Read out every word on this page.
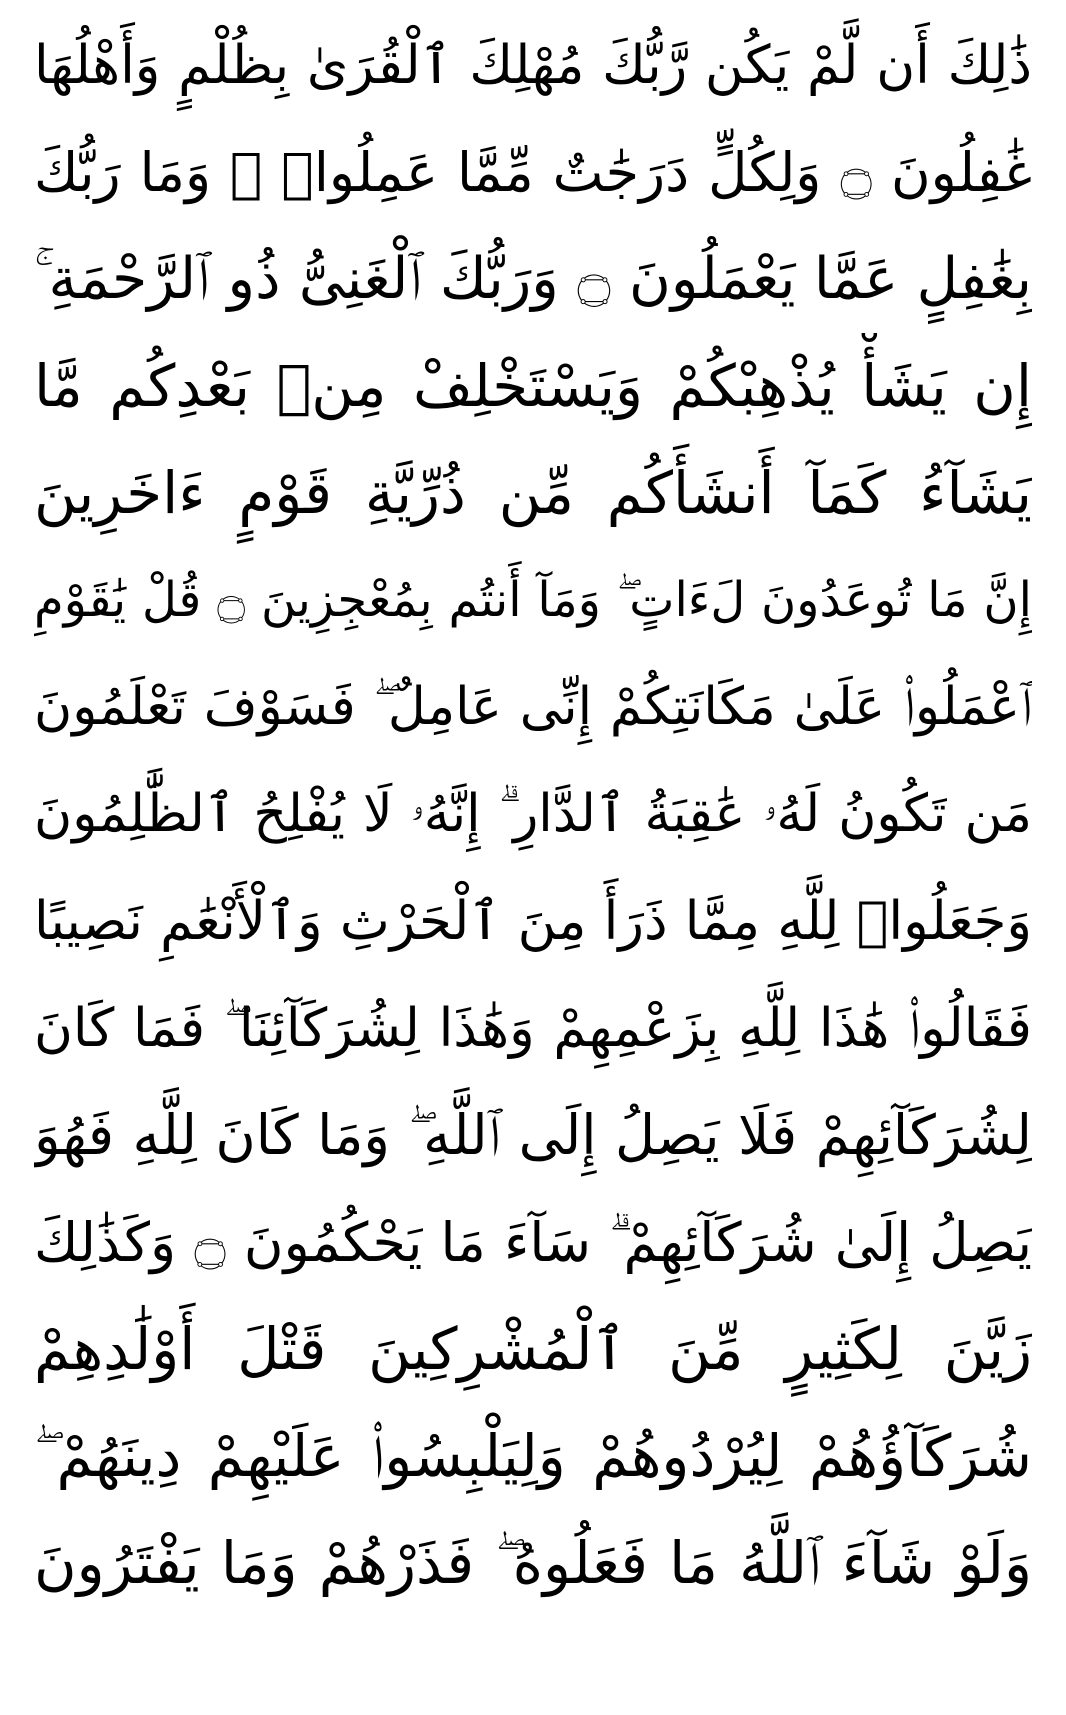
ذَٰلِكَ أَن لَّمْ يَكُن رَّبُّكَ مُهْلِكَ ٱلْقُرَىٰ بِظُلْمٍ وَأَهْلُهَا
غَٰفِلُونَ ۝ وَلِكُلٍّ دَرَجَٰتٌ مِّمَّا عَمِلُوا۟ ۚ وَمَا رَبُّكَ
بِغَٰفِلٍ عَمَّا يَعْمَلُونَ ۝ وَرَبُّكَ ٱلْغَنِىُّ ذُو ٱلرَّحْمَةِ ۚ
إِن يَشَأْ يُذْهِبْكُمْ وَيَسْتَخْلِفْ مِنۢ بَعْدِكُم مَّا
يَشَآءُ كَمَآ أَنشَأَكُم مِّن ذُرِّيَّةِ قَوْمٍ ءَاخَرِينَ
إِنَّ مَا تُوعَدُونَ لَءَاتٍ ۖ وَمَآ أَنتُم بِمُعْجِزِينَ ۝ قُلْ يَٰقَوْمِ
ٱعْمَلُوا۟ عَلَىٰ مَكَانَتِكُمْ إِنِّى عَامِلٌ ۖ فَسَوْفَ تَعْلَمُونَ
مَن تَكُونُ لَهُۥ عَٰقِبَةُ ٱلدَّارِ ۗ إِنَّهُۥ لَا يُفْلِحُ ٱلظَّٰلِمُونَ
وَجَعَلُوا۟ لِلَّهِ مِمَّا ذَرَأَ مِنَ ٱلْحَرْثِ وَٱلْأَنْعَٰمِ نَصِيبًا
فَقَالُوا۟ هَٰذَا لِلَّهِ بِزَعْمِهِمْ وَهَٰذَا لِشُرَكَآئِنَا ۖ فَمَا كَانَ
لِشُرَكَآئِهِمْ فَلَا يَصِلُ إِلَى ٱللَّهِ ۖ وَمَا كَانَ لِلَّهِ فَهُوَ
يَصِلُ إِلَىٰ شُرَكَآئِهِمْ ۗ سَآءَ مَا يَحْكُمُونَ ۝ وَكَذَٰلِكَ
زَيَّنَ لِكَثِيرٍ مِّنَ ٱلْمُشْرِكِينَ قَتْلَ أَوْلَٰدِهِمْ
شُرَكَآؤُهُمْ لِيُرْدُوهُمْ وَلِيَلْبِسُوا۟ عَلَيْهِمْ دِينَهُمْ ۖ
وَلَوْ شَآءَ ٱللَّهُ مَا فَعَلُوهُ ۖ فَذَرْهُمْ وَمَا يَفْتَرُونَ
